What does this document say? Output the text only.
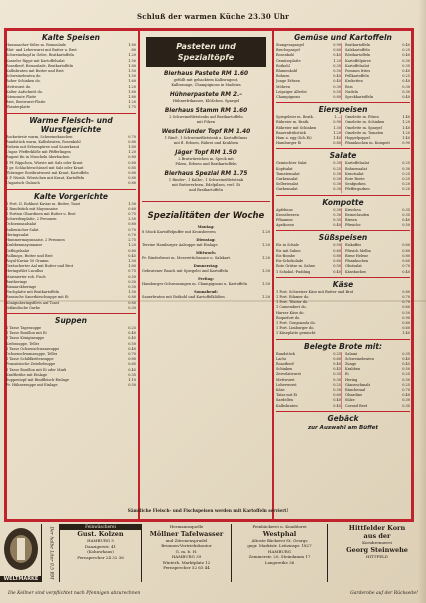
Schluß der warmen Küche 23.30 Uhr
Kalte Speisen
Hausmacher-Sülze m. Remoulade	1.80
Blut- und Leberwurst mit Butter u. Brot	.80
Schweinekopf in Gelee, Bratkartoffeln	1.20
Kasseler Rippe mit Kartoffelsalat	1.50
Roastbeef, Remoulade, Bratkartoffeln	1.80
Kalbsbraten mit Butter und Brot	1.50
Schweinebraten do.	1.50
Roher Schinken do.	1.60
Mettwurst do.	1.20
Kalter Aufschnitt do.	1.60
Jütenraute Platte	1.80
Brot, Brotwurst-Platte	1.20
Theaterplatte	1.75
Warme Fleisch- und Wurstgerichte
Bockwürste warm, Schweineknochen	0.70
Rundstück warm, Kalbsbraten, Rosenkohl	0.80
Eisbein mit Erbsenpüree und Sauerkraut	1.80
Ungar. Pfefferklöße mit Pfifferlingen	1.20
Ragout fin in Muscheln überbacken	0.80
1 Pf. Rippchen, Würste mit Salz oder Kraut	0.80
1 gr. Schlachteschüssel mit Salz oder Kraut	0.85
Thüringer Rostbratwurst mit Kraut, Kartoffeln	0.80
2 P. Nürnb. Würstchen mit Kraut, Kartoffeln	0.80
Ungarisch Gulasch	0.80
Kalte Vorgerichte
1 Port. II. Rohkost Kaviar m. Butter, Toast	1.50
1 Rundstück mit Mayonnaise	0.60
1 Portion Ölsardinen mit Butter u. Brot	0.75
Schwedenplatte, 2 Personen	2.50
Ochsenmaulsalat	0.80
Italienischer Salat	0.70
Heringssalat	0.70
Hummermayonnaise, 2 Personen	2.75
Krabbenmayonnaise	1.20
Geflügelsalat	0.80
Rollmops, Butter und Brot	0.45
Royal-Kaviar 50 Gramm	1.50
Geräucherter Aal mit Butter und Brot	1.60
Heringsfilet Lucullus	0.75
Marinierter roh. Fisch	0.50
Bratheringe	0.50
Bismarckheringe	0.50
Fischplatte mit Bratkartoffeln	1.50
Russische Sauerkirschsuppe mit Ei	0.80
Königinheringsfilets auf Toast	0.80
Jütländische Gurke	0.30
Suppen
1 Tasse Tagessuppe	0.25
1 Tasse Bouillon mit Ei	0.40
1 Tasse Königinsuppe	0.45
Krebssuppe, Teller	0.50
1 Tasse Ochsenschwanzsuppe	0.40
Ochsenschwanzsuppe, Teller	0.70
1 Tasse Schildkrötensuppe	0.80
Französische Zwiebelsuppe	0.65
1 Tasse Bouillon mit Ei oder Mark	0.45
Kraftbrühe mit Einlage	0.35
Suppentopf mit Rindfleisch-Einlage	1.10
Fr. Hühnersuppe mit Einlage	0.50
Pasteten und Spezialtöpfe
Bierhaus Pastete RM 1.60
gefüllt mit gehacktem Kalbsragout,
Kalbszunge, Champignons in Madeira
Hühnerpastete RM 2.–
Hühnerfrikassee, Klößchen, Spargel
Bierhaus Stamm RM 1.60
2 Schweinefiletsteaks auf Bratkartoffeln
mit Pilzen
Westerländer Topf RM 1.40
1 Rind-, 1 Schweinefiletsteak u. Kartoffelmus
mit fl. Erbsen, Rührei und Krabben
Jäger Topf RM 1.50
2 Bratwürstchen m. Speck mit
Pilzen, Erbsen und Bratkartoffeln
Bierhaus Spezial RM 1.75
1 Rinder-, 1 Kalbs-, 1 Schweinefiletsteak
mit Buttererbsen, Edelpilzen, verl. Ei
und Bratkartoffeln
Spezialitäten der Woche
Montag:
8 Stück Kartoffelpuffer mit Kronsbeeren	1.20
Dienstag:
Terrine Hamburger Aalsuppe mit Einlage	1.20
Mittwoch:
Pr. Rinderbrust m. Meerrettichsauce u. Salzkart.	1.20
Donnerstag:
Gebratener Bauch mit Spiegelei und Kartoffeln	1.30
Freitag:
Hamburger Ochsenzungen m. Champignons u. Kartoffeln	1.50
Sonnabend:
Sauerbraten mit Rotkohl und Kartoffelklößen	1.20
Gemüse und Kartoffeln
Stangenspargel	0.90
Brechspargel	0.60
Rosenkohl	0.40
Gemüseplatte	1.20
Rotkohl	0.30
Blumenkohl	0.50
Bohnen	0.40
Junge Erbsen	0.40
Möhren	0.30
Leipziger Allerlei	0.50
Champignons	0.80
Bratkartoffeln	0.40
Salzkartoffeln	0.25
Röstkartoffeln	0.40
Kartoffelpüree	0.30
Kartoffelsalat	0.35
Pommes frites	0.40
Pellkartoffeln	0.25
Kroketten	0.40
Reis	0.30
Nudeln	0.30
Speckkartoffeln	0.40
Eierspeisen
Spiegeleier m. Bratk.	1.—
Rühreier m. Bratk.	0.90
Rühreier mit Schinken	1.30
Bauernfrühstück	1.20
Ham a. egg (Sch.Ei)	1.40
Hamburger Ei	0.80
Omelette m. Pilzen	1.40
Omelette m. Schinken	1.20
Omelette m. Spargel	1.40
Omelette m. Tomaten	1.20
Hoppelpoppel	1.40
Pfannkuchen m. Kompott	0.90
Salate
Gemischter Salat	0.30
Kopfsalat	0.25
Tomatensalat	0.30
Gurkensalat	0.30
Selleriesalat	0.30
Gurkensalat	0.30
Kartoffelsalat	0.25
Bohnensalat	0.30
Krautsalat	0.25
Rote Beete	0.25
Senfgurken	0.20
Pfeffergurken	0.20
Kompotte
Apfelmus	0.30
Kronsbeeren	0.30
Pflaumen	0.35
Aprikosen	0.40
Kirschen	0.35
Reineclauden	0.35
Birnen	0.40
Pfirsiche	0.50
Süßspeisen
Eis in Schale	0.50
Eis mit Sahne	0.60
Eis-Bombe	0.80
Eis-Schokolade	0.60
Rote Grütze m. Sahne	0.50
1 Schokol.-Pudding	0.40
Eiskaffee	0.60
Pfirsich Melba	0.80
Birne Helene	0.80
Pfannkuchen	0.60
Obstsalat	0.70
Käsekuchen	0.40
Käse
1 Port. Schweizer Käse mit Butter und Brot	0.80
1 Port. Edamer do.	0.70
1 Port. Tilsiter do.	0.70
1 Camembert do.	0.60
Harzer Käse do.	0.50
Roquefort do.	0.90
1 Port. Gorgonzola do.	0.80
1 Port. Limburger do.	0.60
1 Käseplatte gemischt	1.40
Belegte Brote mit:
Rundstück	0.25
Lachs	0.60
Roastbeef	0.40
Schinken	0.45
Zervelatwurst	0.35
Mettwurst	0.30
Leberwurst	0.25
Käse	0.30
Tatar mit Ei	0.60
Sardellen	0.40
Kalbsbraten	0.45
Salami	0.35
Schweinebraten	0.40
Zunge	0.45
Krabben	0.50
Ei	0.25
Hering	0.30
Gänseschmalz	0.25
Räucheraal	0.70
Ölsardine	0.40
Sülze	0.30
Corned Beef	0.35
Gebäck
zur Auswahl am Büffet
Sämtliche Fleisch- und Fischspeisen werden mit Kartoffeln serviert!
WELTMARKE	Der halbe Liter 0,5 RM
Feinwäscherei
Gust. Kolzen
HAMBURG 5
Danzigerstr. 41
(Kohnwhaus)
Fernsprecher 24 32 36
Hermannsquelle
Möllner Tafelwasser
und Zitronensprudel
Brunnen-Vertriebskontor
G. m. b. H.
HAMBURG 39
Winterh. Marktplatz 12
Fernsprecher 52 65 44
Feinbäckerei u. Konditorei
Westphal
Altoste Bäckerei St. Georgs
gegr. Marktstr. Leitzinspr. 1827
HAMBURG
Zemmerstr. 20, Steindamm 17
Langereihe 36
Hittfelder Korn
aus der
Kornbrennerei
Georg Steinwehe
HITTFELD
Die Kellner sind verpflichtet nach Pfennigen abzurechnen	Garderobe auf der Rückseite!
